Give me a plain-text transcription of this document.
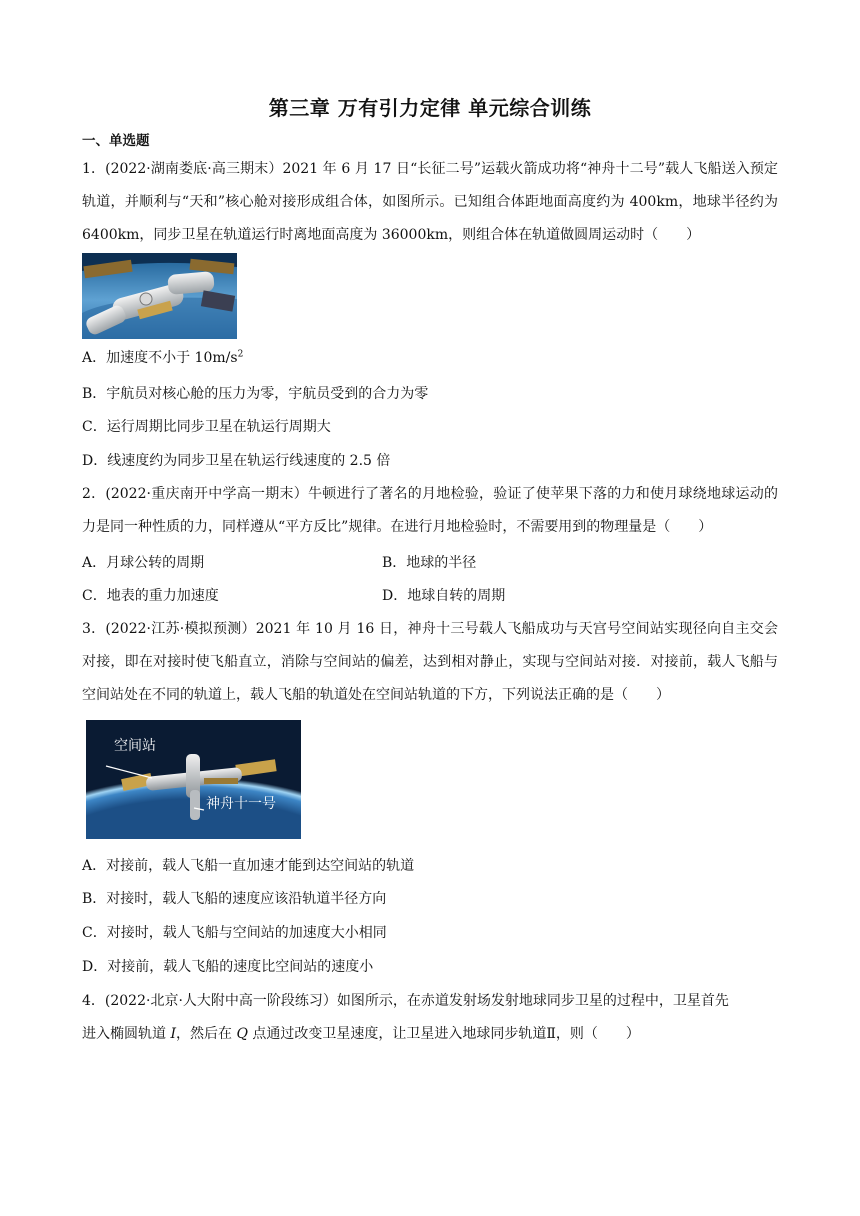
第三章 万有引力定律 单元综合训练
一、单选题
1．(2022·湖南娄底·高三期末）2021 年 6 月 17 日“长征二号”运载火箭成功将“神舟十二号”载人飞船送入预定轨道，并顺利与“天和”核心舱对接形成组合体，如图所示。已知组合体距地面高度约为 400km，地球半径约为 6400km，同步卫星在轨道运行时离地面高度为 36000km，则组合体在轨道做圆周运动时（　　）
A．加速度不小于 $10m/s^2$
B．宇航员对核心舱的压力为零，宇航员受到的合力为零
C．运行周期比同步卫星在轨运行周期大
D．线速度约为同步卫星在轨运行线速度的 2.5 倍
2．(2022·重庆南开中学高一期末）牛顿进行了著名的月地检验，验证了使苹果下落的力和使月球绕地球运动的力是同一种性质的力，同样遵从“平方反比”规律。在进行月地检验时，不需要用到的物理量是（　　）
A．月球公转的周期	B．地球的半径
C．地表的重力加速度	D．地球自转的周期
3．(2022·江苏·模拟预测）2021 年 10 月 16 日，神舟十三号载人飞船成功与天宫号空间站实现径向自主交会对接，即在对接时使飞船直立，消除与空间站的偏差，达到相对静止，实现与空间站对接．对接前，载人飞船与空间站处在不同的轨道上，载人飞船的轨道处在空间站轨道的下方，下列说法正确的是（　　）
空间站
神舟十一号
A．对接前，载人飞船一直加速才能到达空间站的轨道
B．对接时，载人飞船的速度应该沿轨道半径方向
C．对接时，载人飞船与空间站的加速度大小相同
D．对接前，载人飞船的速度比空间站的速度小
4．(2022·北京·人大附中高一阶段练习）如图所示，在赤道发射场发射地球同步卫星的过程中，卫星首先
进入椭圆轨道 I，然后在 Q 点通过改变卫星速度，让卫星进入地球同步轨道Ⅱ，则（　　）
